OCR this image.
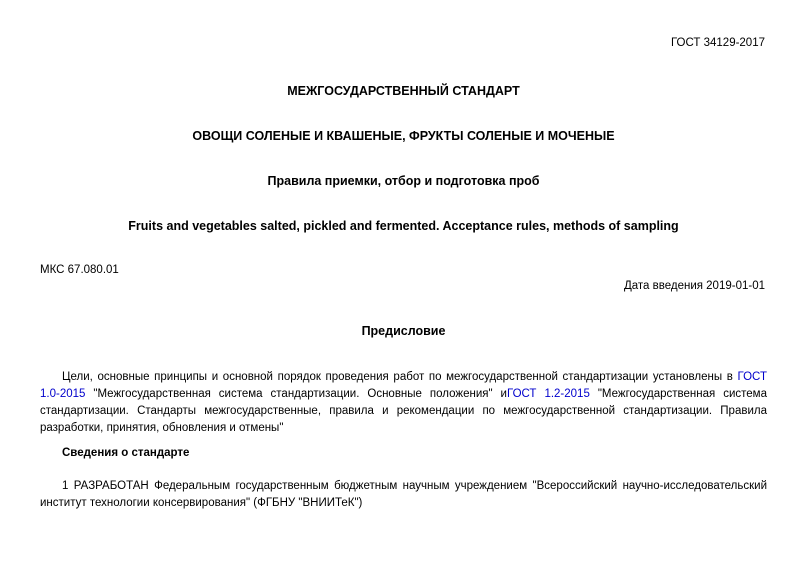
ГОСТ 34129-2017
МЕЖГОСУДАРСТВЕННЫЙ СТАНДАРТ
ОВОЩИ СОЛЕНЫЕ И КВАШЕНЫЕ, ФРУКТЫ СОЛЕНЫЕ И МОЧЕНЫЕ
Правила приемки, отбор и подготовка проб
Fruits and vegetables salted, pickled and fermented. Acceptance rules, methods of sampling
МКС 67.080.01
Дата введения 2019-01-01
Предисловие
Цели, основные принципы и основной порядок проведения работ по межгосударственной стандартизации установлены в ГОСТ 1.0-2015 "Межгосударственная система стандартизации. Основные положения" иГОСТ 1.2-2015 "Межгосударственная система стандартизации. Стандарты межгосударственные, правила и рекомендации по межгосударственной стандартизации. Правила разработки, принятия, обновления и отмены"
Сведения о стандарте
1 РАЗРАБОТАН Федеральным государственным бюджетным научным учреждением "Всероссийский научно-исследовательский институт технологии консервирования" (ФГБНУ "ВНИИТеК")
